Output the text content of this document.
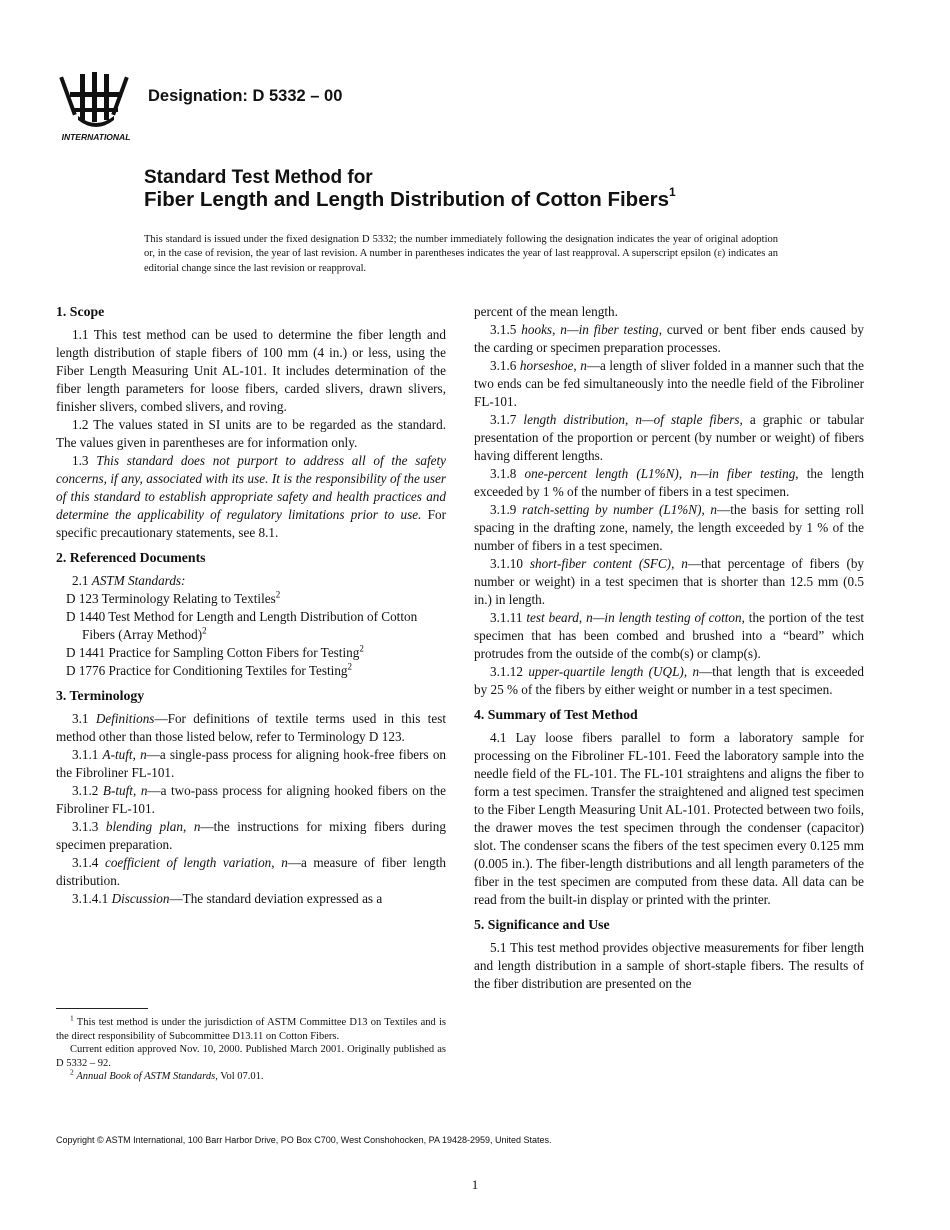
INTERNATIONAL
Designation: D 5332 – 00
Standard Test Method for
Fiber Length and Length Distribution of Cotton Fibers$^1$
This standard is issued under the fixed designation D 5332; the number immediately following the designation indicates the year of original adoption or, in the case of revision, the year of last revision. A number in parentheses indicates the year of last reapproval. A superscript epsilon (ε) indicates an editorial change since the last revision or reapproval.
1. Scope

1.1 This test method can be used to determine the fiber length and length distribution of staple fibers of 100 mm (4 in.) or less, using the Fiber Length Measuring Unit AL-101. It includes determination of the fiber length parameters for loose fibers, carded slivers, drawn slivers, finisher slivers, combed slivers, and roving.

1.2 The values stated in SI units are to be regarded as the standard. The values given in parentheses are for information only.

1.3 This standard does not purport to address all of the safety concerns, if any, associated with its use. It is the responsibility of the user of this standard to establish appropriate safety and health practices and determine the applicability of regulatory limitations prior to use. For specific precautionary statements, see 8.1.

2. Referenced Documents

2.1 ASTM Standards:

D 123 Terminology Relating to Textiles$^2$

D 1440 Test Method for Length and Length Distribution of Cotton Fibers (Array Method)$^2$

D 1441 Practice for Sampling Cotton Fibers for Testing$^2$

D 1776 Practice for Conditioning Textiles for Testing$^2$

3. Terminology

3.1 Definitions—For definitions of textile terms used in this test method other than those listed below, refer to Terminology D 123.

3.1.1 A-tuft, n—a single-pass process for aligning hook-free fibers on the Fibroliner FL-101.

3.1.2 B-tuft, n—a two-pass process for aligning hooked fibers on the Fibroliner FL-101.

3.1.3 blending plan, n—the instructions for mixing fibers during specimen preparation.

3.1.4 coefficient of length variation, n—a measure of fiber length distribution.

3.1.4.1 Discussion—The standard deviation expressed as a

$^1$ This test method is under the jurisdiction of ASTM Committee D13 on Textiles and is the direct responsibility of Subcommittee D13.11 on Cotton Fibers.

Current edition approved Nov. 10, 2000. Published March 2001. Originally published as D 5332 – 92.

$^2$ Annual Book of ASTM Standards, Vol 07.01.

percent of the mean length.

3.1.5 hooks, n—in fiber testing, curved or bent fiber ends caused by the carding or specimen preparation processes.

3.1.6 horseshoe, n—a length of sliver folded in a manner such that the two ends can be fed simultaneously into the needle field of the Fibroliner FL-101.

3.1.7 length distribution, n—of staple fibers, a graphic or tabular presentation of the proportion or percent (by number or weight) of fibers having different lengths.

3.1.8 one-percent length (L1%N), n—in fiber testing, the length exceeded by 1 % of the number of fibers in a test specimen.

3.1.9 ratch-setting by number (L1%N), n—the basis for setting roll spacing in the drafting zone, namely, the length exceeded by 1 % of the number of fibers in a test specimen.

3.1.10 short-fiber content (SFC), n—that percentage of fibers (by number or weight) in a test specimen that is shorter than 12.5 mm (0.5 in.) in length.

3.1.11 test beard, n—in length testing of cotton, the portion of the test specimen that has been combed and brushed into a “beard” which protrudes from the outside of the comb(s) or clamp(s).

3.1.12 upper-quartile length (UQL), n—that length that is exceeded by 25 % of the fibers by either weight or number in a test specimen.

4. Summary of Test Method

4.1 Lay loose fibers parallel to form a laboratory sample for processing on the Fibroliner FL-101. Feed the laboratory sample into the needle field of the FL-101. The FL-101 straightens and aligns the fiber to form a test specimen. Transfer the straightened and aligned test specimen to the Fiber Length Measuring Unit AL-101. Protected between two foils, the drawer moves the test specimen through the condenser (capacitor) slot. The condenser scans the fibers of the test specimen every 0.125 mm (0.005 in.). The fiber-length distributions and all length parameters of the fiber in the test specimen are computed from these data. All data can be read from the built-in display or printed with the printer.

5. Significance and Use

5.1 This test method provides objective measurements for fiber length and length distribution in a sample of short-staple fibers. The results of the fiber distribution are presented on the

Copyright © ASTM International, 100 Barr Harbor Drive, PO Box C700, West Conshohocken, PA 19428-2959, United States.
1
